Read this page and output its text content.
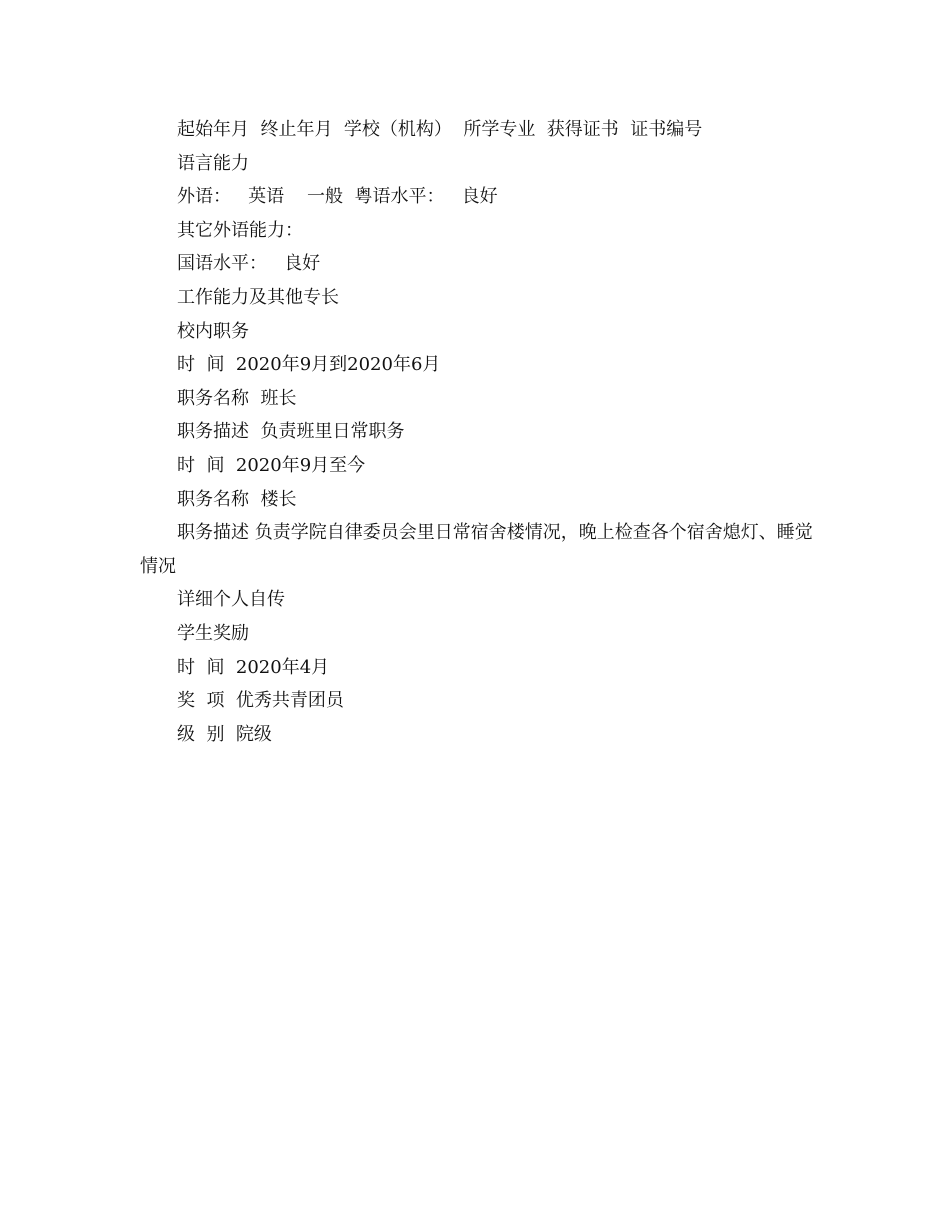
起始年月  终止年月  学校（机构）  所学专业  获得证书  证书编号
语言能力
外语：   英语    一般  粤语水平：   良好
其它外语能力：
国语水平：   良好
工作能力及其他专长
校内职务
时  间  2020年9月到2020年6月
职务名称  班长
职务描述  负责班里日常职务
时  间  2020年9月至今
职务名称  楼长
职务描述 负责学院自律委员会里日常宿舍楼情况，晚上检查各个宿舍熄灯、睡觉情况
详细个人自传
学生奖励
时  间  2020年4月
奖  项  优秀共青团员
级  别  院级
